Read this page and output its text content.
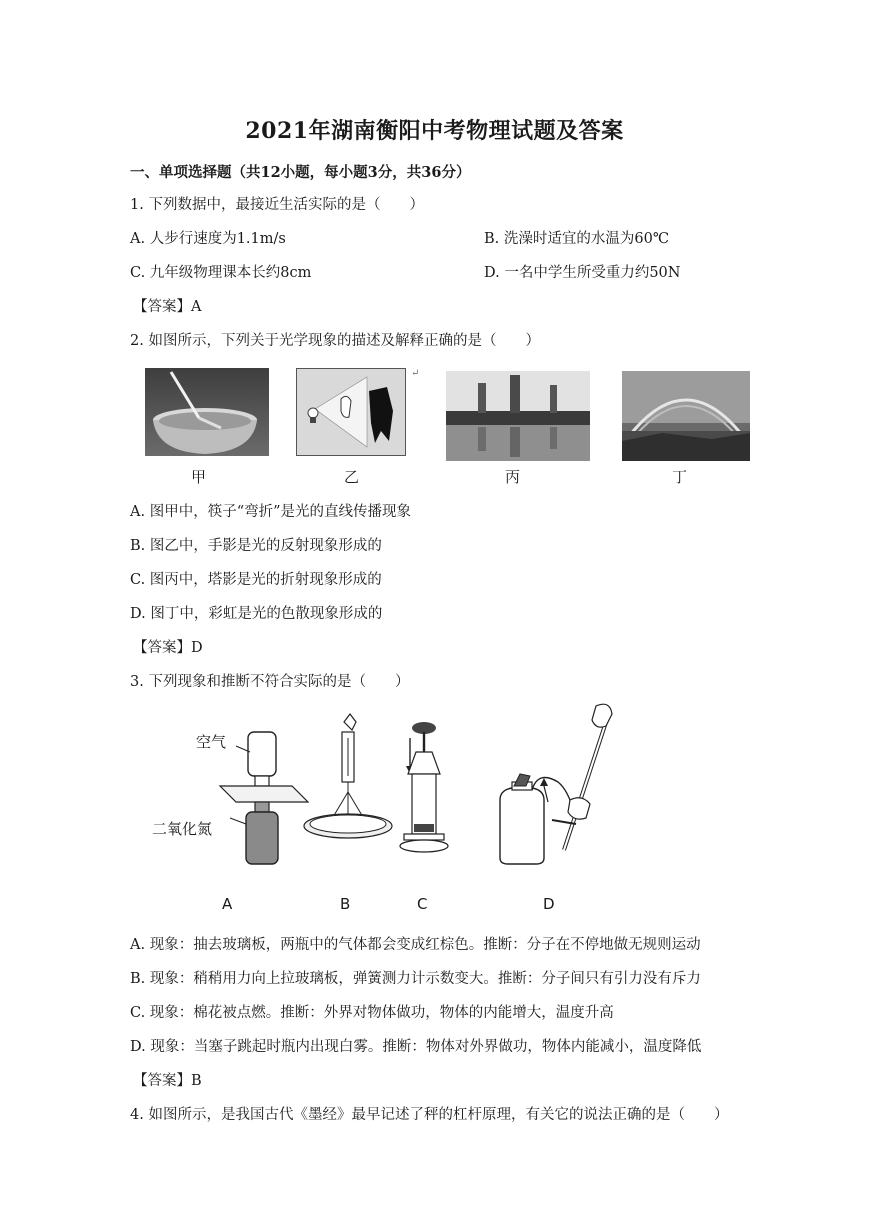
2021年湖南衡阳中考物理试题及答案
一、单项选择题（共12小题，每小题3分，共36分）
1. 下列数据中，最接近生活实际的是（　　）
A. 人步行速度为1.1m/s	B. 洗澡时适宜的水温为60℃
C. 九年级物理课本长约8cm	D. 一名中学生所受重力约50N
【答案】A
2. 如图所示，下列关于光学现象的描述及解释正确的是（　　）
↵
甲	乙	丙	丁
A. 图甲中，筷子“弯折”是光的直线传播现象
B. 图乙中，手影是光的反射现象形成的
C. 图丙中，塔影是光的折射现象形成的
D. 图丁中，彩虹是光的色散现象形成的
【答案】D
3. 下列现象和推断不符合实际的是（　　）
空气
二氧化氮
A	B	C	D
A. 现象：抽去玻璃板，两瓶中的气体都会变成红棕色。推断：分子在不停地做无规则运动
B. 现象：稍稍用力向上拉玻璃板，弹簧测力计示数变大。推断：分子间只有引力没有斥力
C. 现象：棉花被点燃。推断：外界对物体做功，物体的内能增大，温度升高
D. 现象：当塞子跳起时瓶内出现白雾。推断：物体对外界做功，物体内能减小，温度降低
【答案】B
4. 如图所示，是我国古代《墨经》最早记述了秤的杠杆原理，有关它的说法正确的是（　　）
